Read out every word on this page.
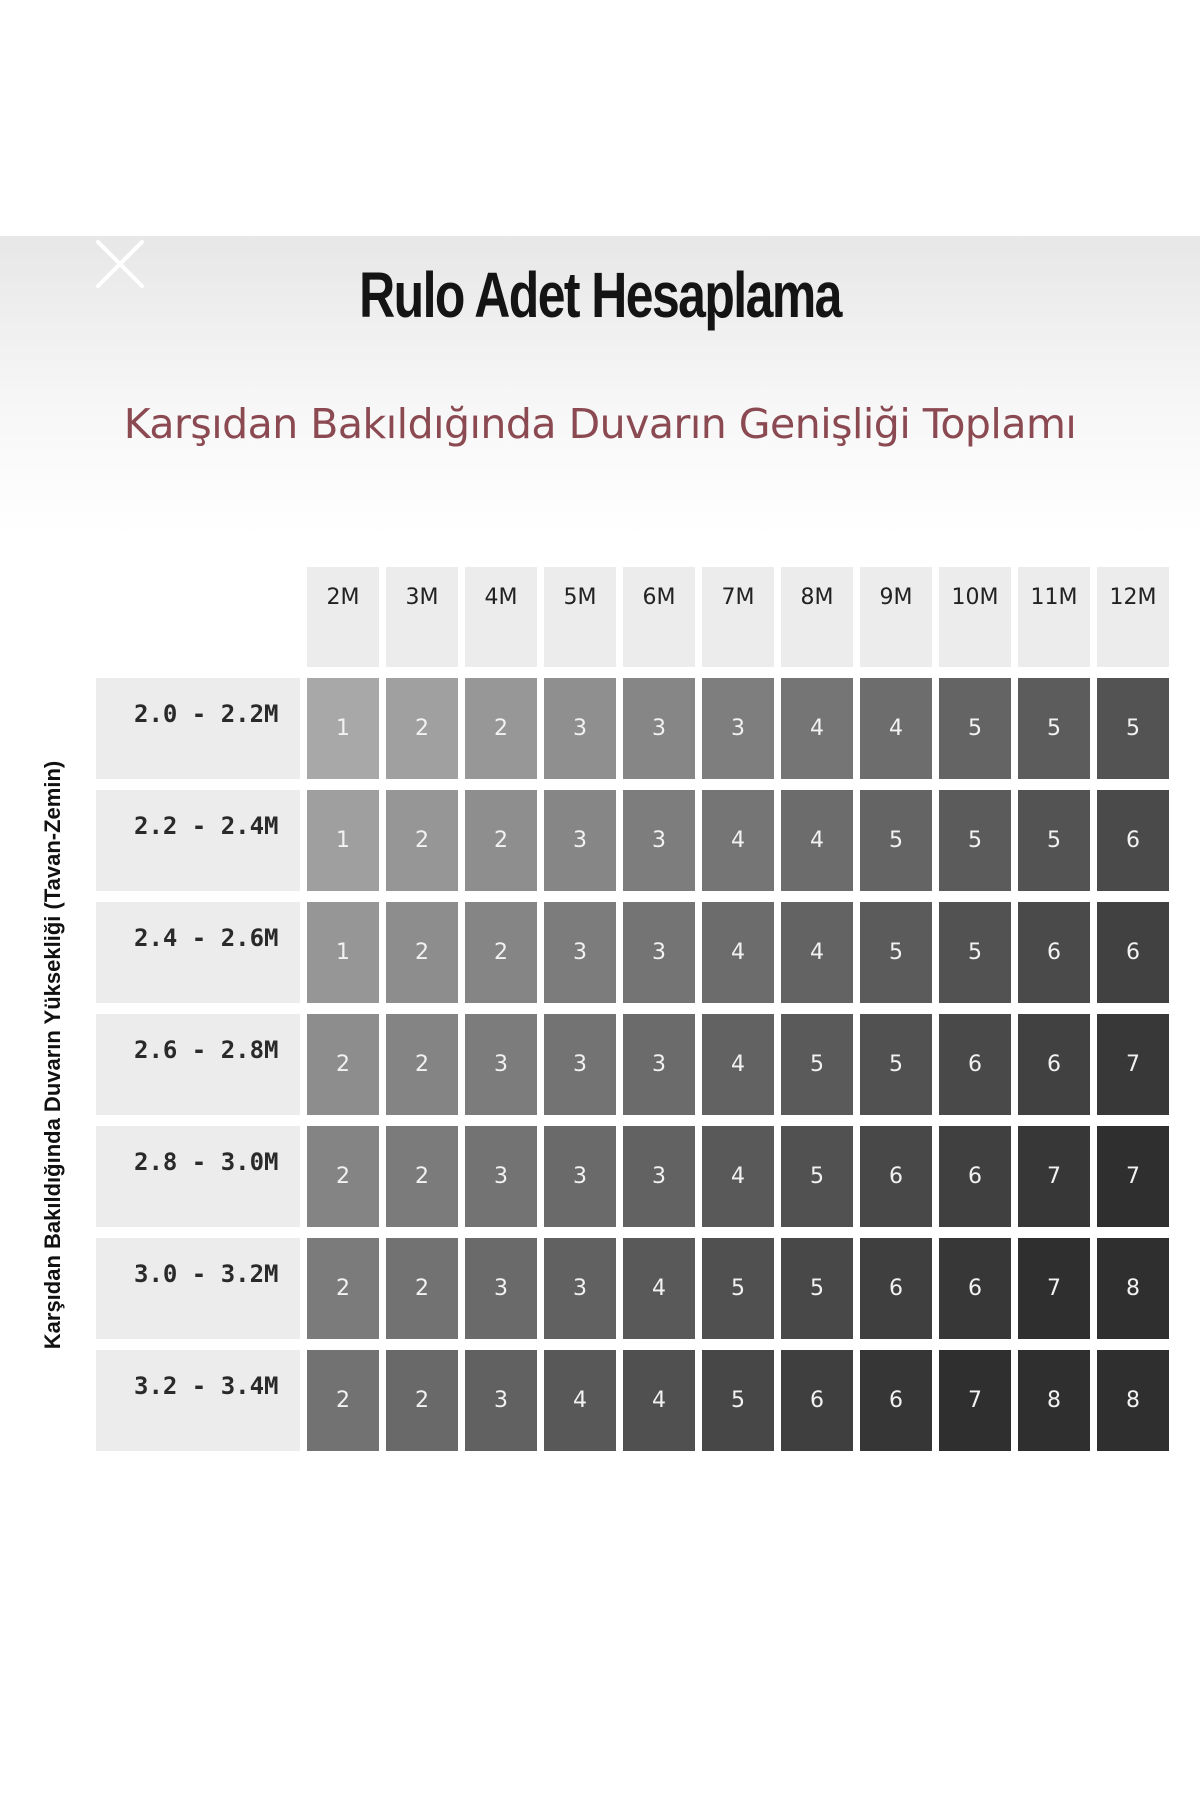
Rulo Adet Hesaplama
Karşıdan Bakıldığında Duvarın Genişliği Toplamı
Karşıdan Bakıldığında Duvarın Yüksekliği (Tavan-Zemin)
2M	3M	4M	5M	6M	7M	8M	9M	10M	11M	12M
2.0 - 2.2M
1	2	2	3	3	3	4	4	5	5	5
2.2 - 2.4M
1	2	2	3	3	4	4	5	5	5	6
2.4 - 2.6M
1	2	2	3	3	4	4	5	5	6	6
2.6 - 2.8M
2	2	3	3	3	4	5	5	6	6	7
2.8 - 3.0M
2	2	3	3	3	4	5	6	6	7	7
3.0 - 3.2M
2	2	3	3	4	5	5	6	6	7	8
3.2 - 3.4M
2	2	3	4	4	5	6	6	7	8	8
